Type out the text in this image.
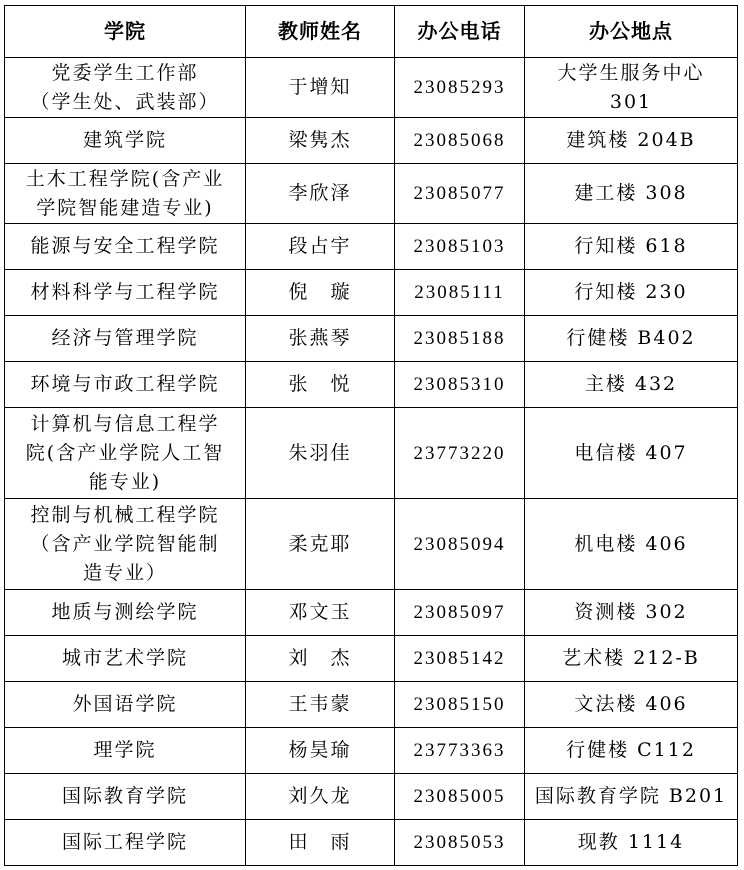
学院	教师姓名	办公电话	办公地点

党委学生工作部
（学生处、武装部）	于增知	23085293	大学生服务中心
301

建筑学院	梁隽杰	23085068	建筑楼 204B

土木工程学院(含产业
学院智能建造专业)	李欣泽	23085077	建工楼 308

能源与安全工程学院	段占宇	23085103	行知楼 618

材料科学与工程学院	倪　璇	23085111	行知楼 230

经济与管理学院	张燕琴	23085188	行健楼 B402

环境与市政工程学院	张　悦	23085310	主楼 432

计算机与信息工程学
院(含产业学院人工智
能专业)	朱羽佳	23773220	电信楼 407

控制与机械工程学院
（含产业学院智能制
造专业）	柔克耶	23085094	机电楼 406

地质与测绘学院	邓文玉	23085097	资测楼 302

城市艺术学院	刘　杰	23085142	艺术楼 212-B

外国语学院	王韦蒙	23085150	文法楼 406

理学院	杨昊瑜	23773363	行健楼 C112

国际教育学院	刘久龙	23085005	国际教育学院 B201

国际工程学院	田　雨	23085053	现教 1114
